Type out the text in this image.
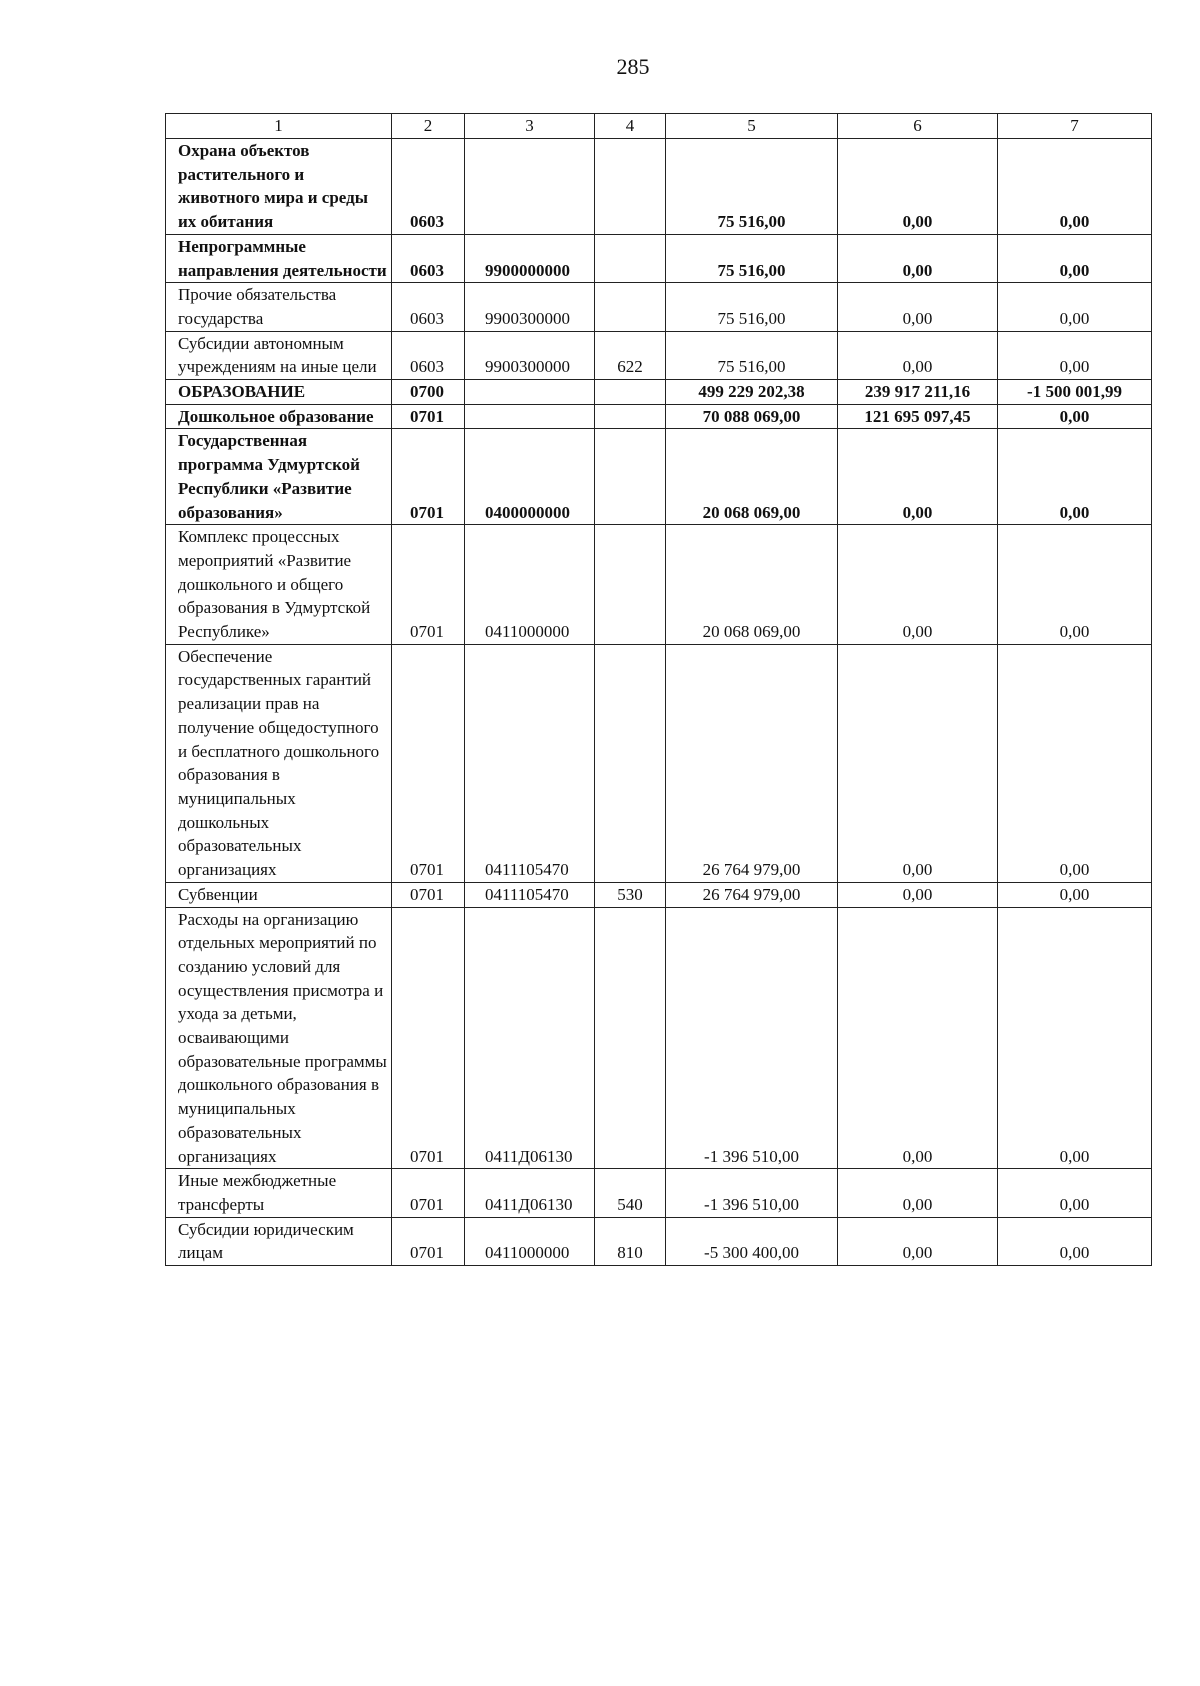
285
1	2	3	4	5	6	7
Охрана объектов растительного и животного мира и среды их обитания	0603			75 516,00	0,00	0,00
Непрограммные направления деятельности	0603	9900000000		75 516,00	0,00	0,00
Прочие обязательства государства	0603	9900300000		75 516,00	0,00	0,00
Субсидии автономным учреждениям на иные цели	0603	9900300000	622	75 516,00	0,00	0,00
ОБРАЗОВАНИЕ	0700			499 229 202,38	239 917 211,16	-1 500 001,99
Дошкольное образование	0701			70 088 069,00	121 695 097,45	0,00
Государственная программа Удмуртской Республики «Развитие образования»	0701	0400000000		20 068 069,00	0,00	0,00
Комплекс процессных мероприятий «Развитие дошкольного и общего образования в Удмуртской Республике»	0701	0411000000		20 068 069,00	0,00	0,00
Обеспечение государственных гарантий реализации прав на получение общедоступного и бесплатного дошкольного образования в муниципальных дошкольных образовательных организациях	0701	0411105470		26 764 979,00	0,00	0,00
Субвенции	0701	0411105470	530	26 764 979,00	0,00	0,00
Расходы на организацию отдельных мероприятий по созданию условий для осуществления присмотра и ухода за детьми, осваивающими образовательные программы дошкольного образования в муниципальных образовательных организациях	0701	0411Д06130		-1 396 510,00	0,00	0,00
Иные межбюджетные трансферты	0701	0411Д06130	540	-1 396 510,00	0,00	0,00
Субсидии юридическим лицам	0701	0411000000	810	-5 300 400,00	0,00	0,00
